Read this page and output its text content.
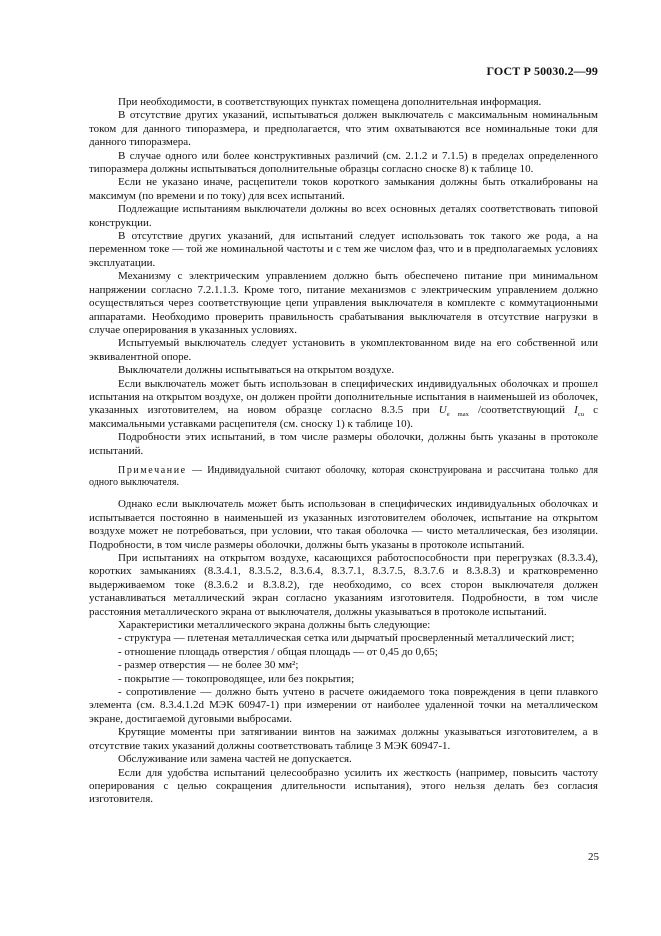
ГОСТ Р 50030.2—99

При необходимости, в соответствующих пунктах помещена дополнительная информация.

В отсутствие других указаний, испытываться должен выключатель с максимальным номинальным током для данного типоразмера, и предполагается, что этим охватываются все номинальные токи для данного типоразмера.

В случае одного или более конструктивных различий (см. 2.1.2 и 7.1.5) в пределах определенного типоразмера должны испытываться дополнительные образцы согласно сноске 8) к таблице 10.

Если не указано иначе, расцепители токов короткого замыкания должны быть откалиброваны на максимум (по времени и по току) для всех испытаний.

Подлежащие испытаниям выключатели должны во всех основных деталях соответствовать типовой конструкции.

В отсутствие других указаний, для испытаний следует использовать ток такого же рода, а на переменном токе — той же номинальной частоты и с тем же числом фаз, что и в предполагаемых условиях эксплуатации.

Механизму с электрическим управлением должно быть обеспечено питание при минимальном напряжении согласно 7.2.1.1.3. Кроме того, питание механизмов с электрическим управлением должно осуществляться через соответствующие цепи управления выключателя в комплекте с коммутационными аппаратами. Необходимо проверить правильность срабатывания выключателя в отсутствие нагрузки в случае оперирования в указанных условиях.

Испытуемый выключатель следует установить в укомплектованном виде на его собственной или эквивалентной опоре.

Выключатели должны испытываться на открытом воздухе.

Если выключатель может быть использован в специфических индивидуальных оболочках и прошел испытания на открытом воздухе, он должен пройти дополнительные испытания в наименьшей из оболочек, указанных изготовителем, на новом образце согласно 8.3.5 при $U_{e max}$ /соответствующий $I_{cu}$ с максимальными уставками расцепителя (см. сноску 1) к таблице 10).

Подробности этих испытаний, в том числе размеры оболочки, должны быть указаны в протоколе испытаний.

Примечание — Индивидуальной считают оболочку, которая сконструирована и рассчитана только для одного выключателя.

Однако если выключатель может быть использован в специфических индивидуальных оболочках и испытывается постоянно в наименьшей из указанных изготовителем оболочек, испытание на открытом воздухе может не потребоваться, при условии, что такая оболочка — чисто металлическая, без изоляции. Подробности, в том числе размеры оболочки, должны быть указаны в протоколе испытаний.

При испытаниях на открытом воздухе, касающихся работоспособности при перегрузках (8.3.3.4), коротких замыканиях (8.3.4.1, 8.3.5.2, 8.3.6.4, 8.3.7.1, 8.3.7.5, 8.3.7.6 и 8.3.8.3) и кратковременно выдерживаемом токе (8.3.6.2 и 8.3.8.2), где необходимо, со всех сторон выключателя должен устанавливаться металлический экран согласно указаниям изготовителя. Подробности, в том числе расстояния металлического экрана от выключателя, должны указываться в протоколе испытаний.

Характеристики металлического экрана должны быть следующие:

- структура — плетеная металлическая сетка или дырчатый просверленный металлический лист;

- отношение площадь отверстия / общая площадь — от 0,45 до 0,65;

- размер отверстия — не более 30 мм²;

- покрытие — токопроводящее, или без покрытия;

- сопротивление — должно быть учтено в расчете ожидаемого тока повреждения в цепи плавкого элемента (см. 8.3.4.1.2d МЭК 60947-1) при измерении от наиболее удаленной точки на металлическом экране, достигаемой дуговыми выбросами.

Крутящие моменты при затягивании винтов на зажимах должны указываться изготовителем, а в отсутствие таких указаний должны соответствовать таблице 3 МЭК 60947-1.

Обслуживание или замена частей не допускается.

Если для удобства испытаний целесообразно усилить их жесткость (например, повысить частоту оперирования с целью сокращения длительности испытания), этого нельзя делать без согласия изготовителя.

25
